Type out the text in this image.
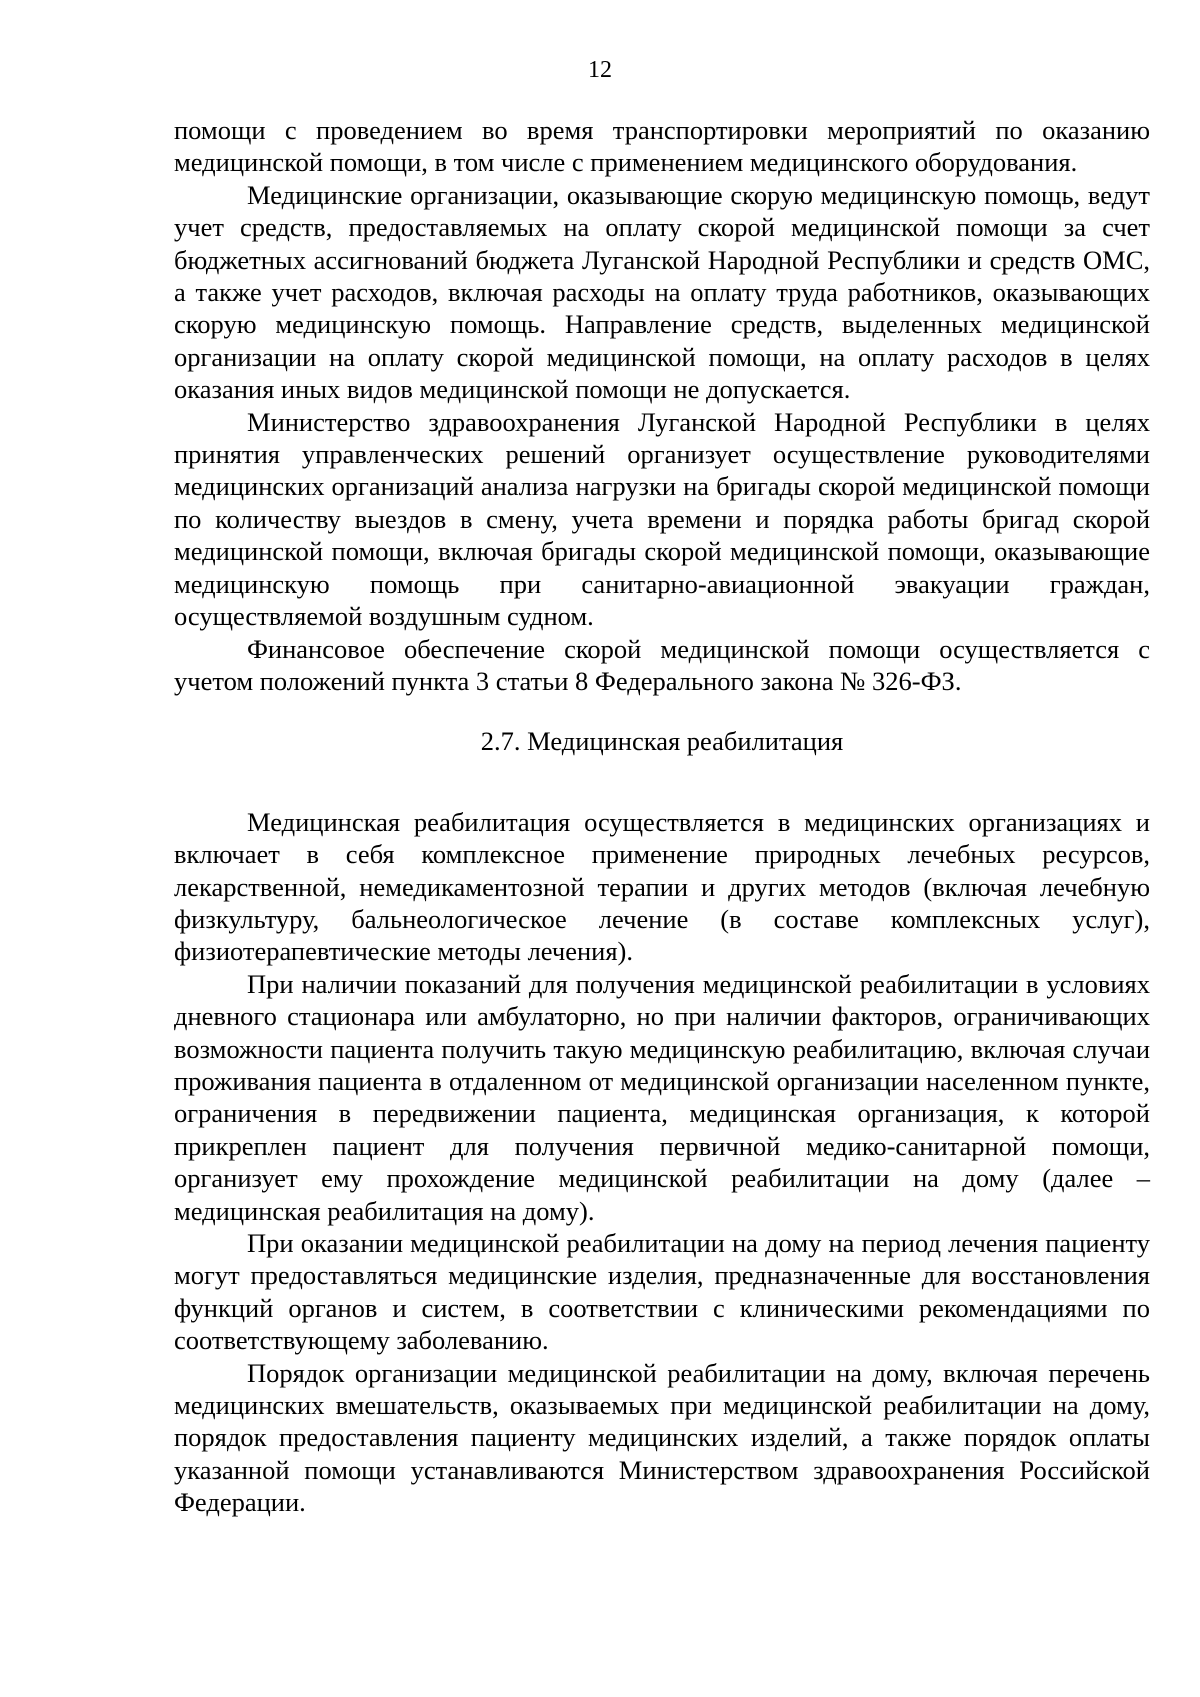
12

помощи с проведением во время транспортировки мероприятий по оказанию медицинской помощи, в том числе с применением медицинского оборудования.

Медицинские организации, оказывающие скорую медицинскую помощь, ведут учет средств, предоставляемых на оплату скорой медицинской помощи за счет бюджетных ассигнований бюджета Луганской Народной Республики и средств ОМС, а также учет расходов, включая расходы на оплату труда работников, оказывающих скорую медицинскую помощь. Направление средств, выделенных медицинской организации на оплату скорой медицинской помощи, на оплату расходов в целях оказания иных видов медицинской помощи не допускается.

Министерство здравоохранения Луганской Народной Республики в целях принятия управленческих решений организует осуществление руководителями медицинских организаций анализа нагрузки на бригады скорой медицинской помощи по количеству выездов в смену, учета времени и порядка работы бригад скорой медицинской помощи, включая бригады скорой медицинской помощи, оказывающие медицинскую помощь при санитарно-авиационной эвакуации граждан, осуществляемой воздушным судном.

Финансовое обеспечение скорой медицинской помощи осуществляется с учетом положений пункта 3 статьи 8 Федерального закона № 326-ФЗ.

2.7. Медицинская реабилитация

Медицинская реабилитация осуществляется в медицинских организациях и включает в себя комплексное применение природных лечебных ресурсов, лекарственной, немедикаментозной терапии и других методов (включая лечебную физкультуру, бальнеологическое лечение (в составе комплексных услуг), физиотерапевтические методы лечения).

При наличии показаний для получения медицинской реабилитации в условиях дневного стационара или амбулаторно, но при наличии факторов, ограничивающих возможности пациента получить такую медицинскую реабилитацию, включая случаи проживания пациента в отдаленном от медицинской организации населенном пункте, ограничения в передвижении пациента, медицинская организация, к которой прикреплен пациент для получения первичной медико-санитарной помощи, организует ему прохождение медицинской реабилитации на дому (далее – медицинская реабилитация на дому).

При оказании медицинской реабилитации на дому на период лечения пациенту могут предоставляться медицинские изделия, предназначенные для восстановления функций органов и систем, в соответствии с клиническими рекомендациями по соответствующему заболеванию.

Порядок организации медицинской реабилитации на дому, включая перечень медицинских вмешательств, оказываемых при медицинской реабилитации на дому, порядок предоставления пациенту медицинских изделий, а также порядок оплаты указанной помощи устанавливаются Министерством здравоохранения Российской Федерации.
